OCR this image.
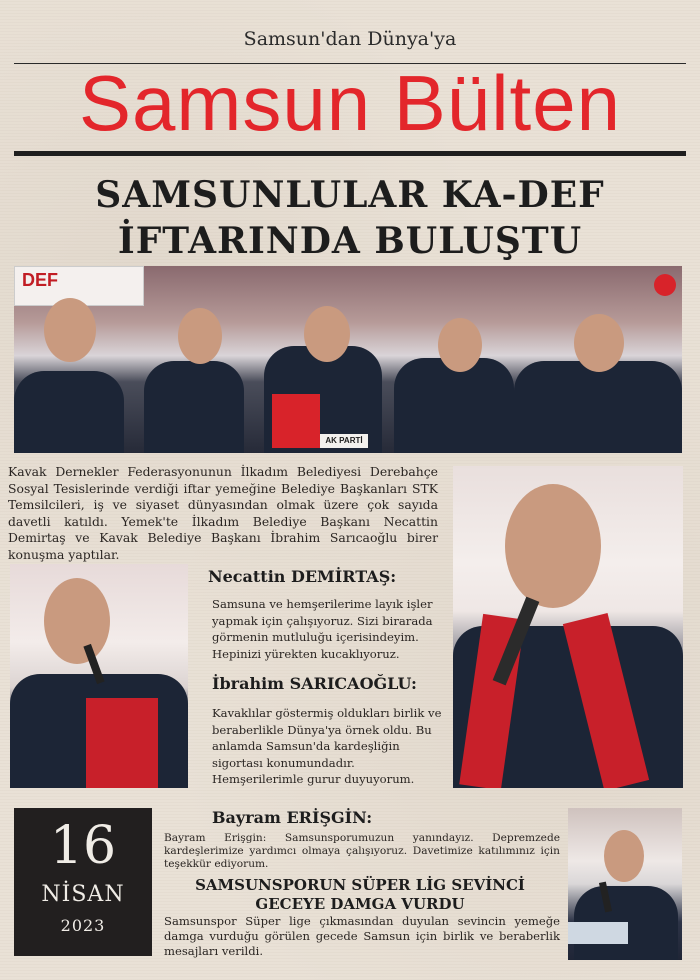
Samsun'dan Dünya'ya
Samsun Bülten
SAMSUNLULAR KA-DEF
İFTARINDA BULUŞTU
DEF
AK PARTİ
Kavak Dernekler Federasyonunun İlkadım Belediyesi Derebahçe Sosyal Tesislerinde verdiği iftar yemeğine Belediye Başkanları STK Temsilcileri, iş ve siyaset dünyasından olmak üzere çok sayıda davetli katıldı. Yemek'te İlkadım Belediye Başkanı Necattin Demirtaş ve Kavak Belediye Başkanı İbrahim Sarıcaoğlu birer konuşma yaptılar.
Necattin DEMİRTAŞ:
Samsuna ve hemşerilerime layık işler yapmak için çalışıyoruz. Sizi birarada görmenin mutluluğu içerisindeyim. Hepinizi yürekten kucaklıyoruz.
İbrahim SARICAOĞLU:
Kavaklılar göstermiş oldukları birlik ve beraberlikle Dünya'ya örnek oldu. Bu anlamda Samsun'da kardeşliğin sigortası konumundadır. Hemşerilerimle gurur duyuyorum.
16
NİSAN
2023
Bayram ERİŞGİN:
Bayram Erişgin: Samsunsporumuzun yanındayız. Depremzede kardeşlerimize yardımcı olmaya çalışıyoruz. Davetimize katılımınız için teşekkür ediyorum.
SAMSUNSPORUN SÜPER LİG SEVİNCİ
GECEYE DAMGA VURDU
Samsunspor Süper lige çıkmasından duyulan sevincin yemeğe damga vurduğu görülen gecede Samsun için birlik ve beraberlik mesajları verildi.
